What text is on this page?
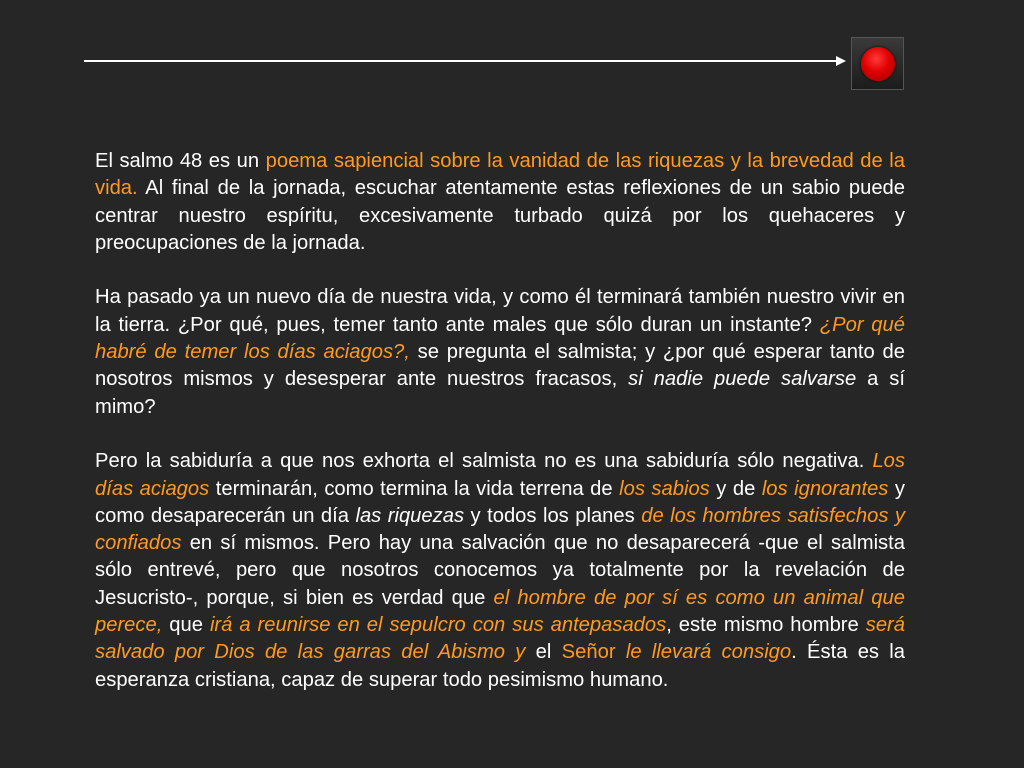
El salmo 48 es un poema sapiencial sobre la vanidad de las riquezas y la brevedad de la vida. Al final de la jornada, escuchar atentamente estas reflexiones de un sabio puede centrar nuestro espíritu, excesivamente turbado quizá por los quehaceres y preocupaciones de la jornada.

Ha pasado ya un nuevo día de nuestra vida, y como él terminará también nuestro vivir en la tierra. ¿Por qué, pues, temer tanto ante males que sólo duran un instante? ¿Por qué habré de temer los días aciagos?, se pregunta el salmista; y ¿por qué esperar tanto de nosotros mismos y desesperar ante nuestros fracasos, si nadie puede salvarse a sí mimo?

Pero la sabiduría a que nos exhorta el salmista no es una sabiduría sólo negativa. Los días aciagos terminarán, como termina la vida terrena de los sabios y de los ignorantes y como desaparecerán un día las riquezas y todos los planes de los hombres satisfechos y confiados en sí mismos. Pero hay una salvación que no desaparecerá -que el salmista sólo entrevé, pero que nosotros conocemos ya totalmente por la revelación de Jesucristo-, porque, si bien es verdad que el hombre de por sí es como un animal que perece, que irá a reunirse en el sepulcro con sus antepasados, este mismo hombre será salvado por Dios de las garras del Abismo y el Señor le llevará consigo. Ésta es la esperanza cristiana, capaz de superar todo pesimismo humano.
